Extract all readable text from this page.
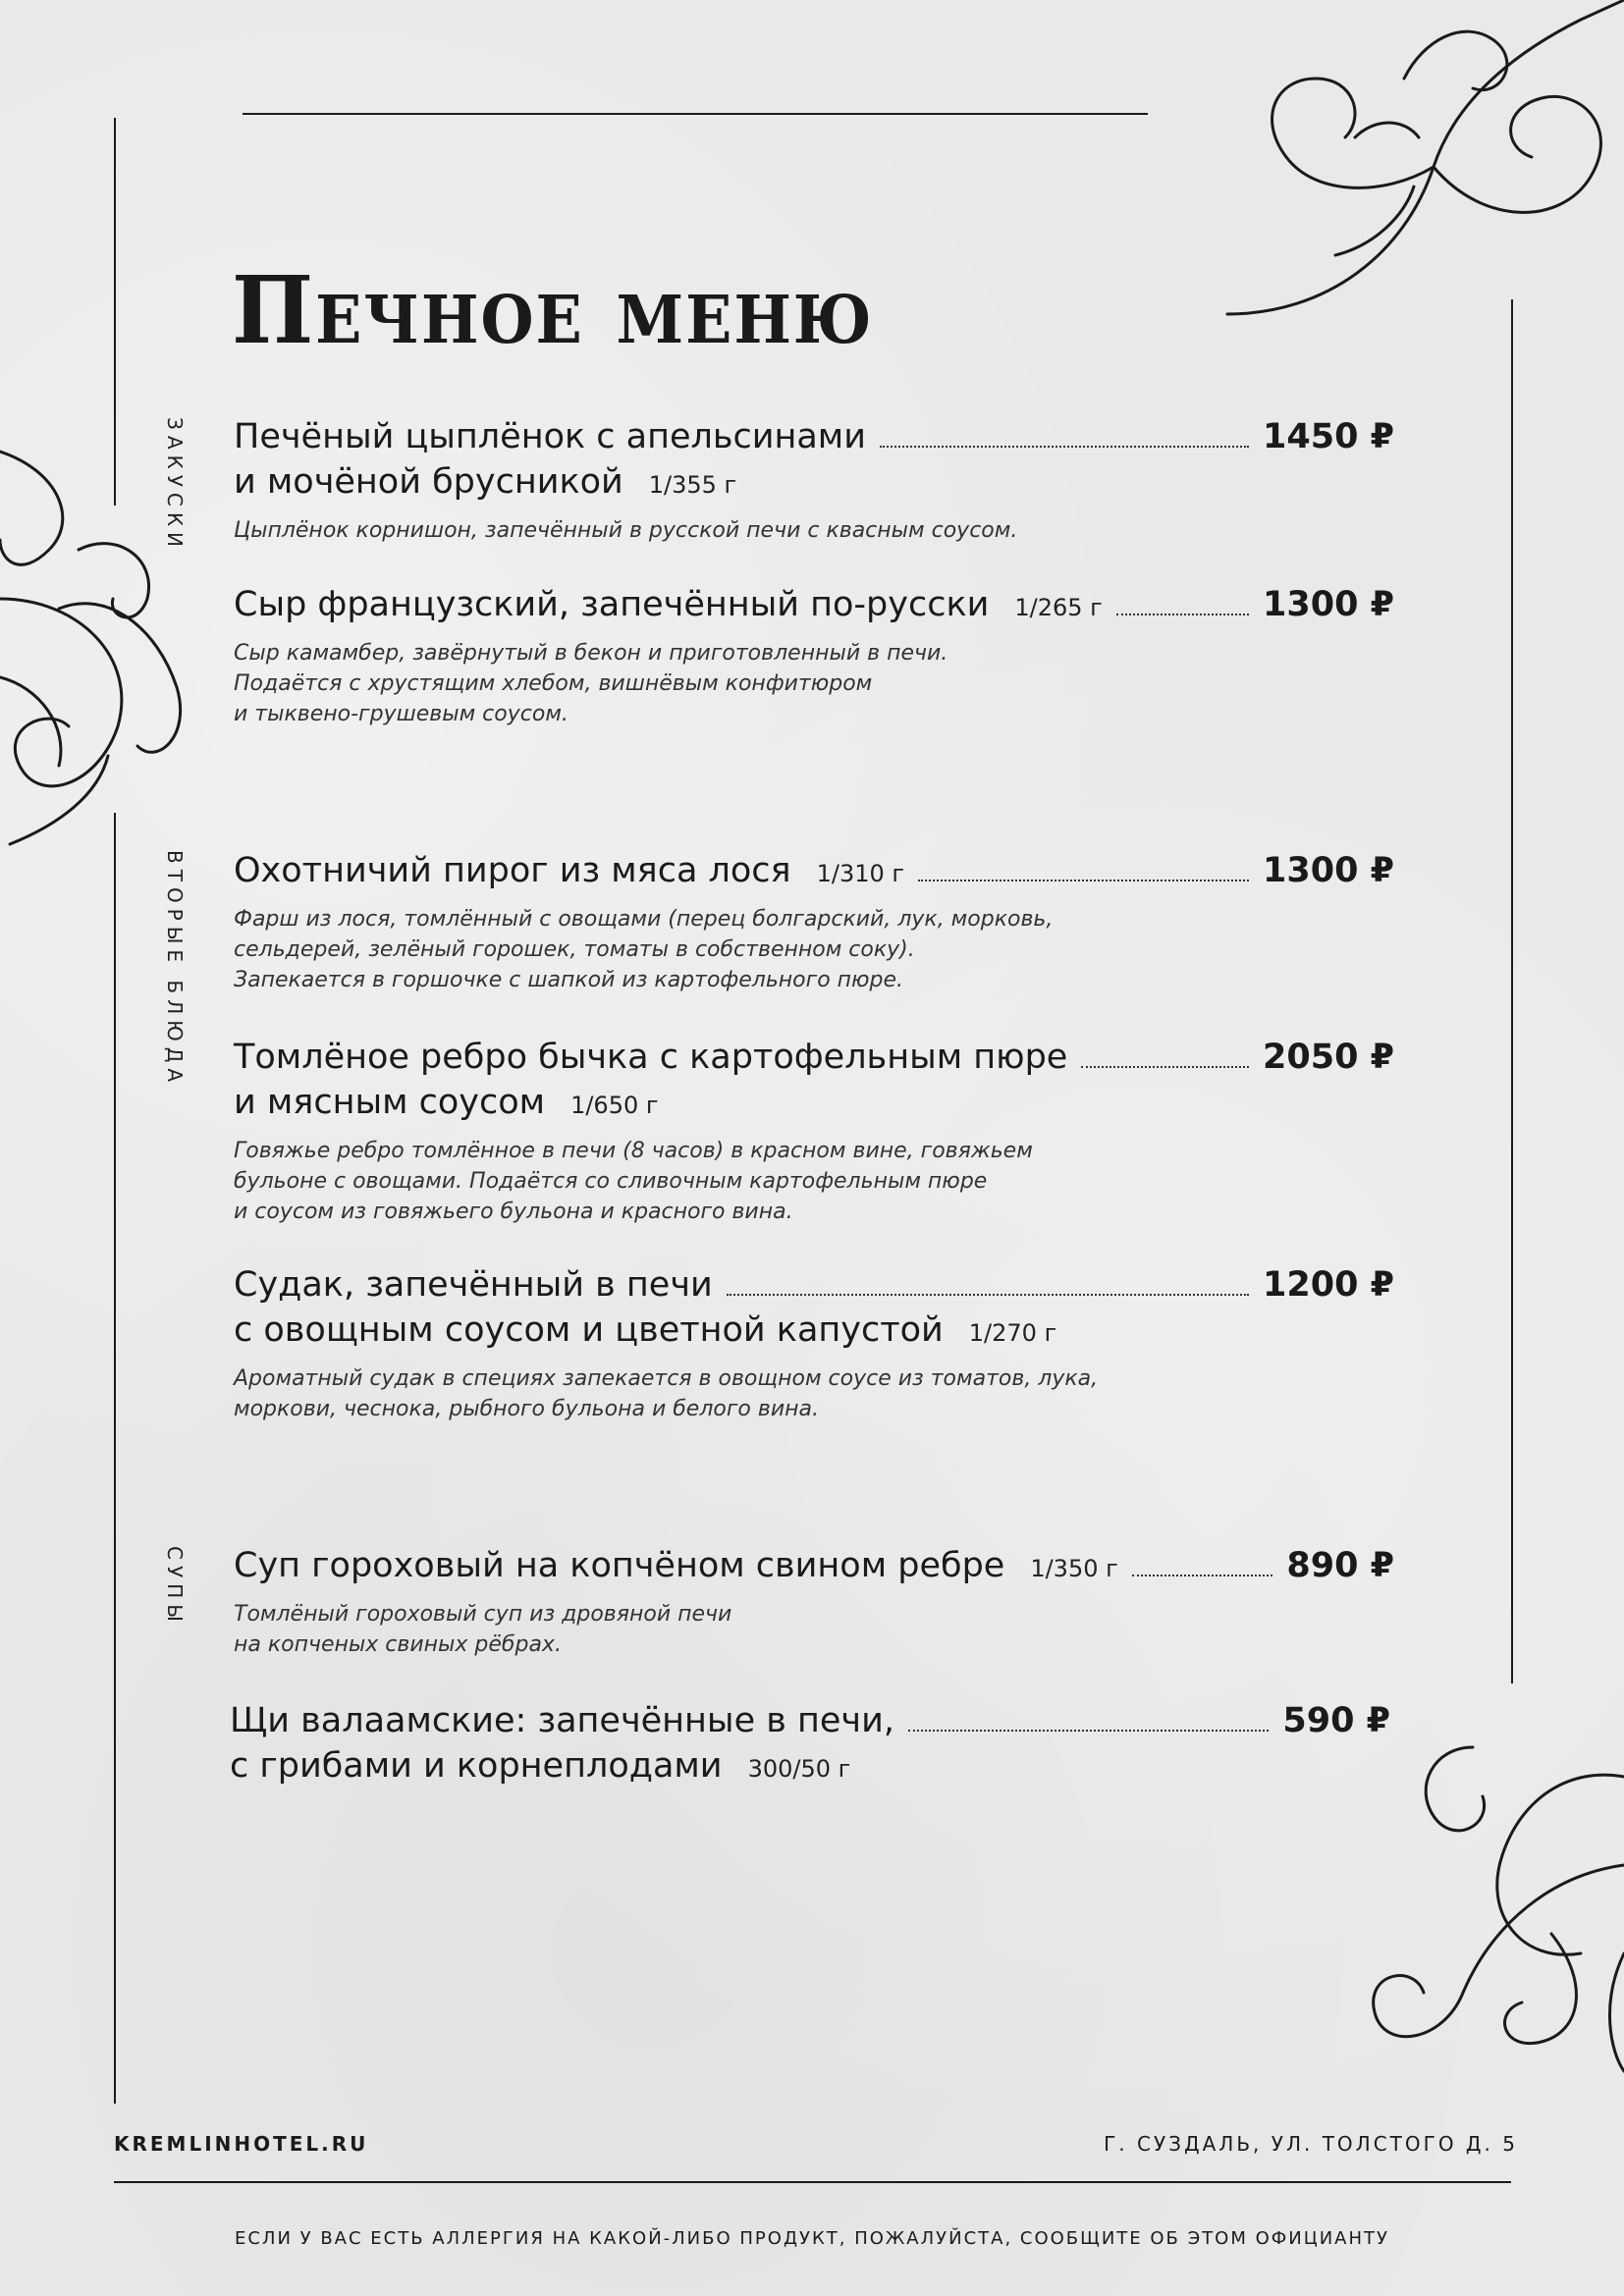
Печное меню
ЗАКУСКИ
ВТОРЫЕ БЛЮДА
СУПЫ
Печёный цыплёнок с апельсинами	1450 ₽
и мочёной брусникой 1/355 г
Цыплёнок корнишон, запечённый в русской печи с квасным соусом.
Сыр французский, запечённый по-русски 1/265 г	1300 ₽
Сыр камамбер, завёрнутый в бекон и приготовленный в печи.
Подаётся с хрустящим хлебом, вишнёвым конфитюром
и тыквено-грушевым соусом.
Охотничий пирог из мяса лося 1/310 г	1300 ₽
Фарш из лося, томлённый с овощами (перец болгарский, лук, морковь,
сельдерей, зелёный горошек, томаты в собственном соку).
Запекается в горшочке с шапкой из картофельного пюре.
Томлёное ребро бычка с картофельным пюре	2050 ₽
и мясным соусом 1/650 г
Говяжье ребро томлённое в печи (8 часов) в красном вине, говяжьем
бульоне с овощами. Подаётся со сливочным картофельным пюре
и соусом из говяжьего бульона и красного вина.
Судак, запечённый в печи	1200 ₽
с овощным соусом и цветной капустой 1/270 г
Ароматный судак в специях запекается в овощном соусе из томатов, лука,
моркови, чеснока, рыбного бульона и белого вина.
Суп гороховый на копчёном свином ребре 1/350 г	890 ₽
Томлёный гороховый суп из дровяной печи
на копченых свиных рёбрах.
Щи валаамские: запечённые в печи,	590 ₽
с грибами и корнеплодами 300/50 г
KREMLINHOTEL.RU	Г. СУЗДАЛЬ, УЛ. ТОЛСТОГО Д. 5
ЕСЛИ У ВАС ЕСТЬ АЛЛЕРГИЯ НА КАКОЙ-ЛИБО ПРОДУКТ, ПОЖАЛУЙСТА, СООБЩИТЕ ОБ ЭТОМ ОФИЦИАНТУ
